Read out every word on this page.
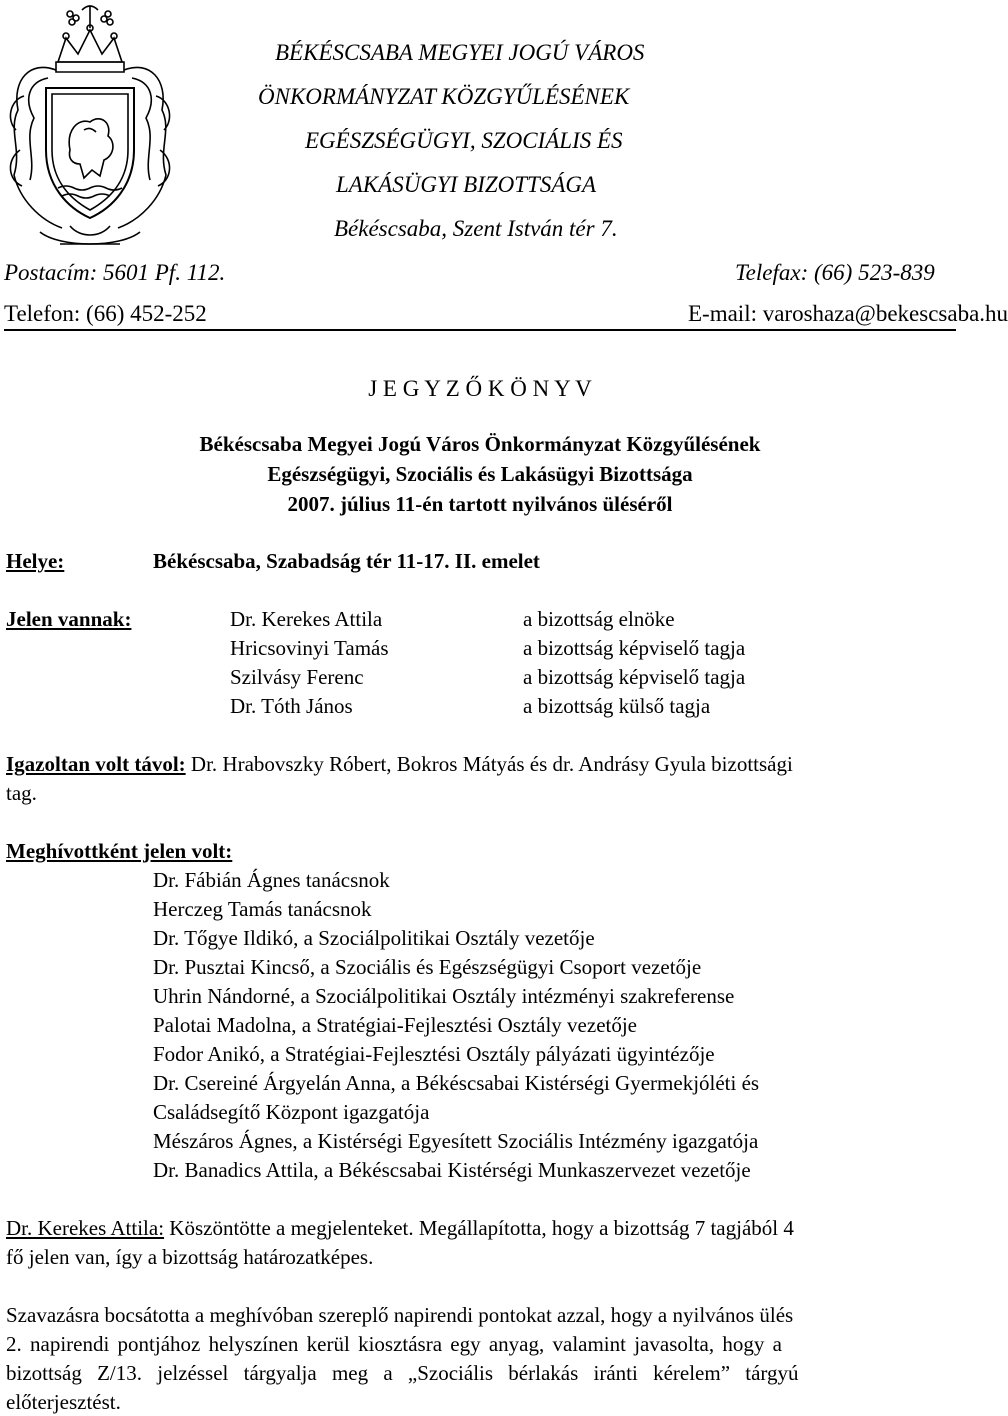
BÉKÉSCSABA MEGYEI JOGÚ VÁROS
ÖNKORMÁNYZAT KÖZGYŰLÉSÉNEK
EGÉSZSÉGÜGYI, SZOCIÁLIS ÉS
LAKÁSÜGYI BIZOTTSÁGA
Békéscsaba, Szent István tér 7.
Postacím: 5601 Pf. 112.	Telefax: (66) 523-839
Telefon: (66) 452-252	E-mail: varoshaza@bekescsaba.hu
J E G Y Z Ő K Ö N Y V
Békéscsaba Megyei Jogú Város Önkormányzat Közgyűlésének
Egészségügyi, Szociális és Lakásügyi Bizottsága
2007. július 11-én tartott nyilvános üléséről
Helye:	Békéscsaba, Szabadság tér 11-17. II. emelet
Jelen vannak:	Dr. Kerekes Attila	a bizottság elnöke
Hricsovinyi Tamás	a bizottság képviselő tagja
Szilvásy Ferenc	a bizottság képviselő tagja
Dr. Tóth János	a bizottság külső tagja
Igazoltan volt távol: Dr. Hrabovszky Róbert, Bokros Mátyás és dr. Andrásy Gyula bizottsági
tag.
Meghívottként jelen volt:
Dr. Fábián Ágnes tanácsnok
Herczeg Tamás tanácsnok
Dr. Tőgye Ildikó, a Szociálpolitikai Osztály vezetője
Dr. Pusztai Kincső, a Szociális és Egészségügyi Csoport vezetője
Uhrin Nándorné, a Szociálpolitikai Osztály intézményi szakreferense
Palotai Madolna, a Stratégiai-Fejlesztési Osztály vezetője
Fodor Anikó, a Stratégiai-Fejlesztési Osztály pályázati ügyintézője
Dr. Csereiné Árgyelán Anna, a Békéscsabai Kistérségi Gyermekjóléti és
Családsegítő Központ igazgatója
Mészáros Ágnes, a Kistérségi Egyesített Szociális Intézmény igazgatója
Dr. Banadics Attila, a Békéscsabai Kistérségi Munkaszervezet vezetője
Dr. Kerekes Attila: Köszöntötte a megjelenteket. Megállapította, hogy a bizottság 7 tagjából 4
fő jelen van, így a bizottság határozatképes.
Szavazásra bocsátotta a meghívóban szereplő napirendi pontokat azzal, hogy a nyilvános ülés
2. napirendi pontjához helyszínen kerül kiosztásra egy anyag, valamint javasolta, hogy a
bizottság Z/13. jelzéssel tárgyalja meg a „Szociális bérlakás iránti kérelem” tárgyú
előterjesztést.
